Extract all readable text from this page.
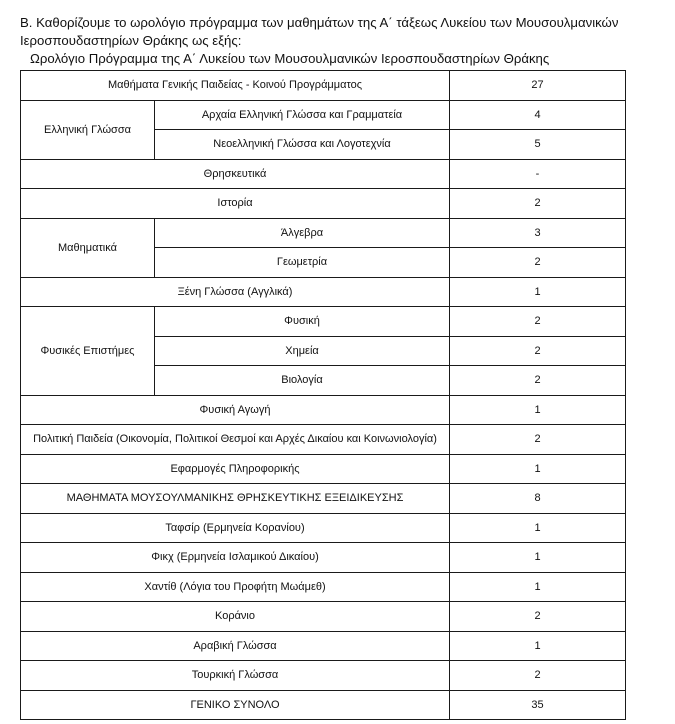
Β. Καθορίζουμε το ωρολόγιο πρόγραμμα των μαθημάτων της Α΄ τάξεως Λυκείου των Μουσουλμανικών Ιεροσπουδαστηρίων Θράκης ως εξής:

Ωρολόγιο Πρόγραμμα της Α΄ Λυκείου των Μουσουλμανικών Ιεροσπουδαστηρίων Θράκης

Μαθήματα Γενικής Παιδείας - Κοινού Προγράμματος		27
Ελληνική Γλώσσα	Αρχαία Ελληνική Γλώσσα και Γραμματεία	4
	Νεοελληνική Γλώσσα και Λογοτεχνία	5
Θρησκευτικά		-
Ιστορία		2
Μαθηματικά	Άλγεβρα	3
	Γεωμετρία	2
Ξένη Γλώσσα (Αγγλικά)		1
Φυσικές Επιστήμες	Φυσική	2
	Χημεία	2
	Βιολογία	2
Φυσική Αγωγή		1
Πολιτική Παιδεία (Οικονομία, Πολιτικοί Θεσμοί και Αρχές Δικαίου και Κοινωνιολογία)		2
Εφαρμογές Πληροφορικής		1
ΜΑΘΗΜΑΤΑ ΜΟΥΣΟΥΛΜΑΝΙΚΗΣ ΘΡΗΣΚΕΥΤΙΚΗΣ ΕΞΕΙΔΙΚΕΥΣΗΣ		8
Ταφσίρ (Ερμηνεία Κορανίου)		1
Φικχ (Ερμηνεία Ισλαμικού Δικαίου)		1
Χαντίθ (Λόγια του Προφήτη Μωάμεθ)		1
Κοράνιο		2
Αραβική Γλώσσα		1
Τουρκική Γλώσσα		2
ΓΕΝΙΚΟ ΣΥΝΟΛΟ		35
